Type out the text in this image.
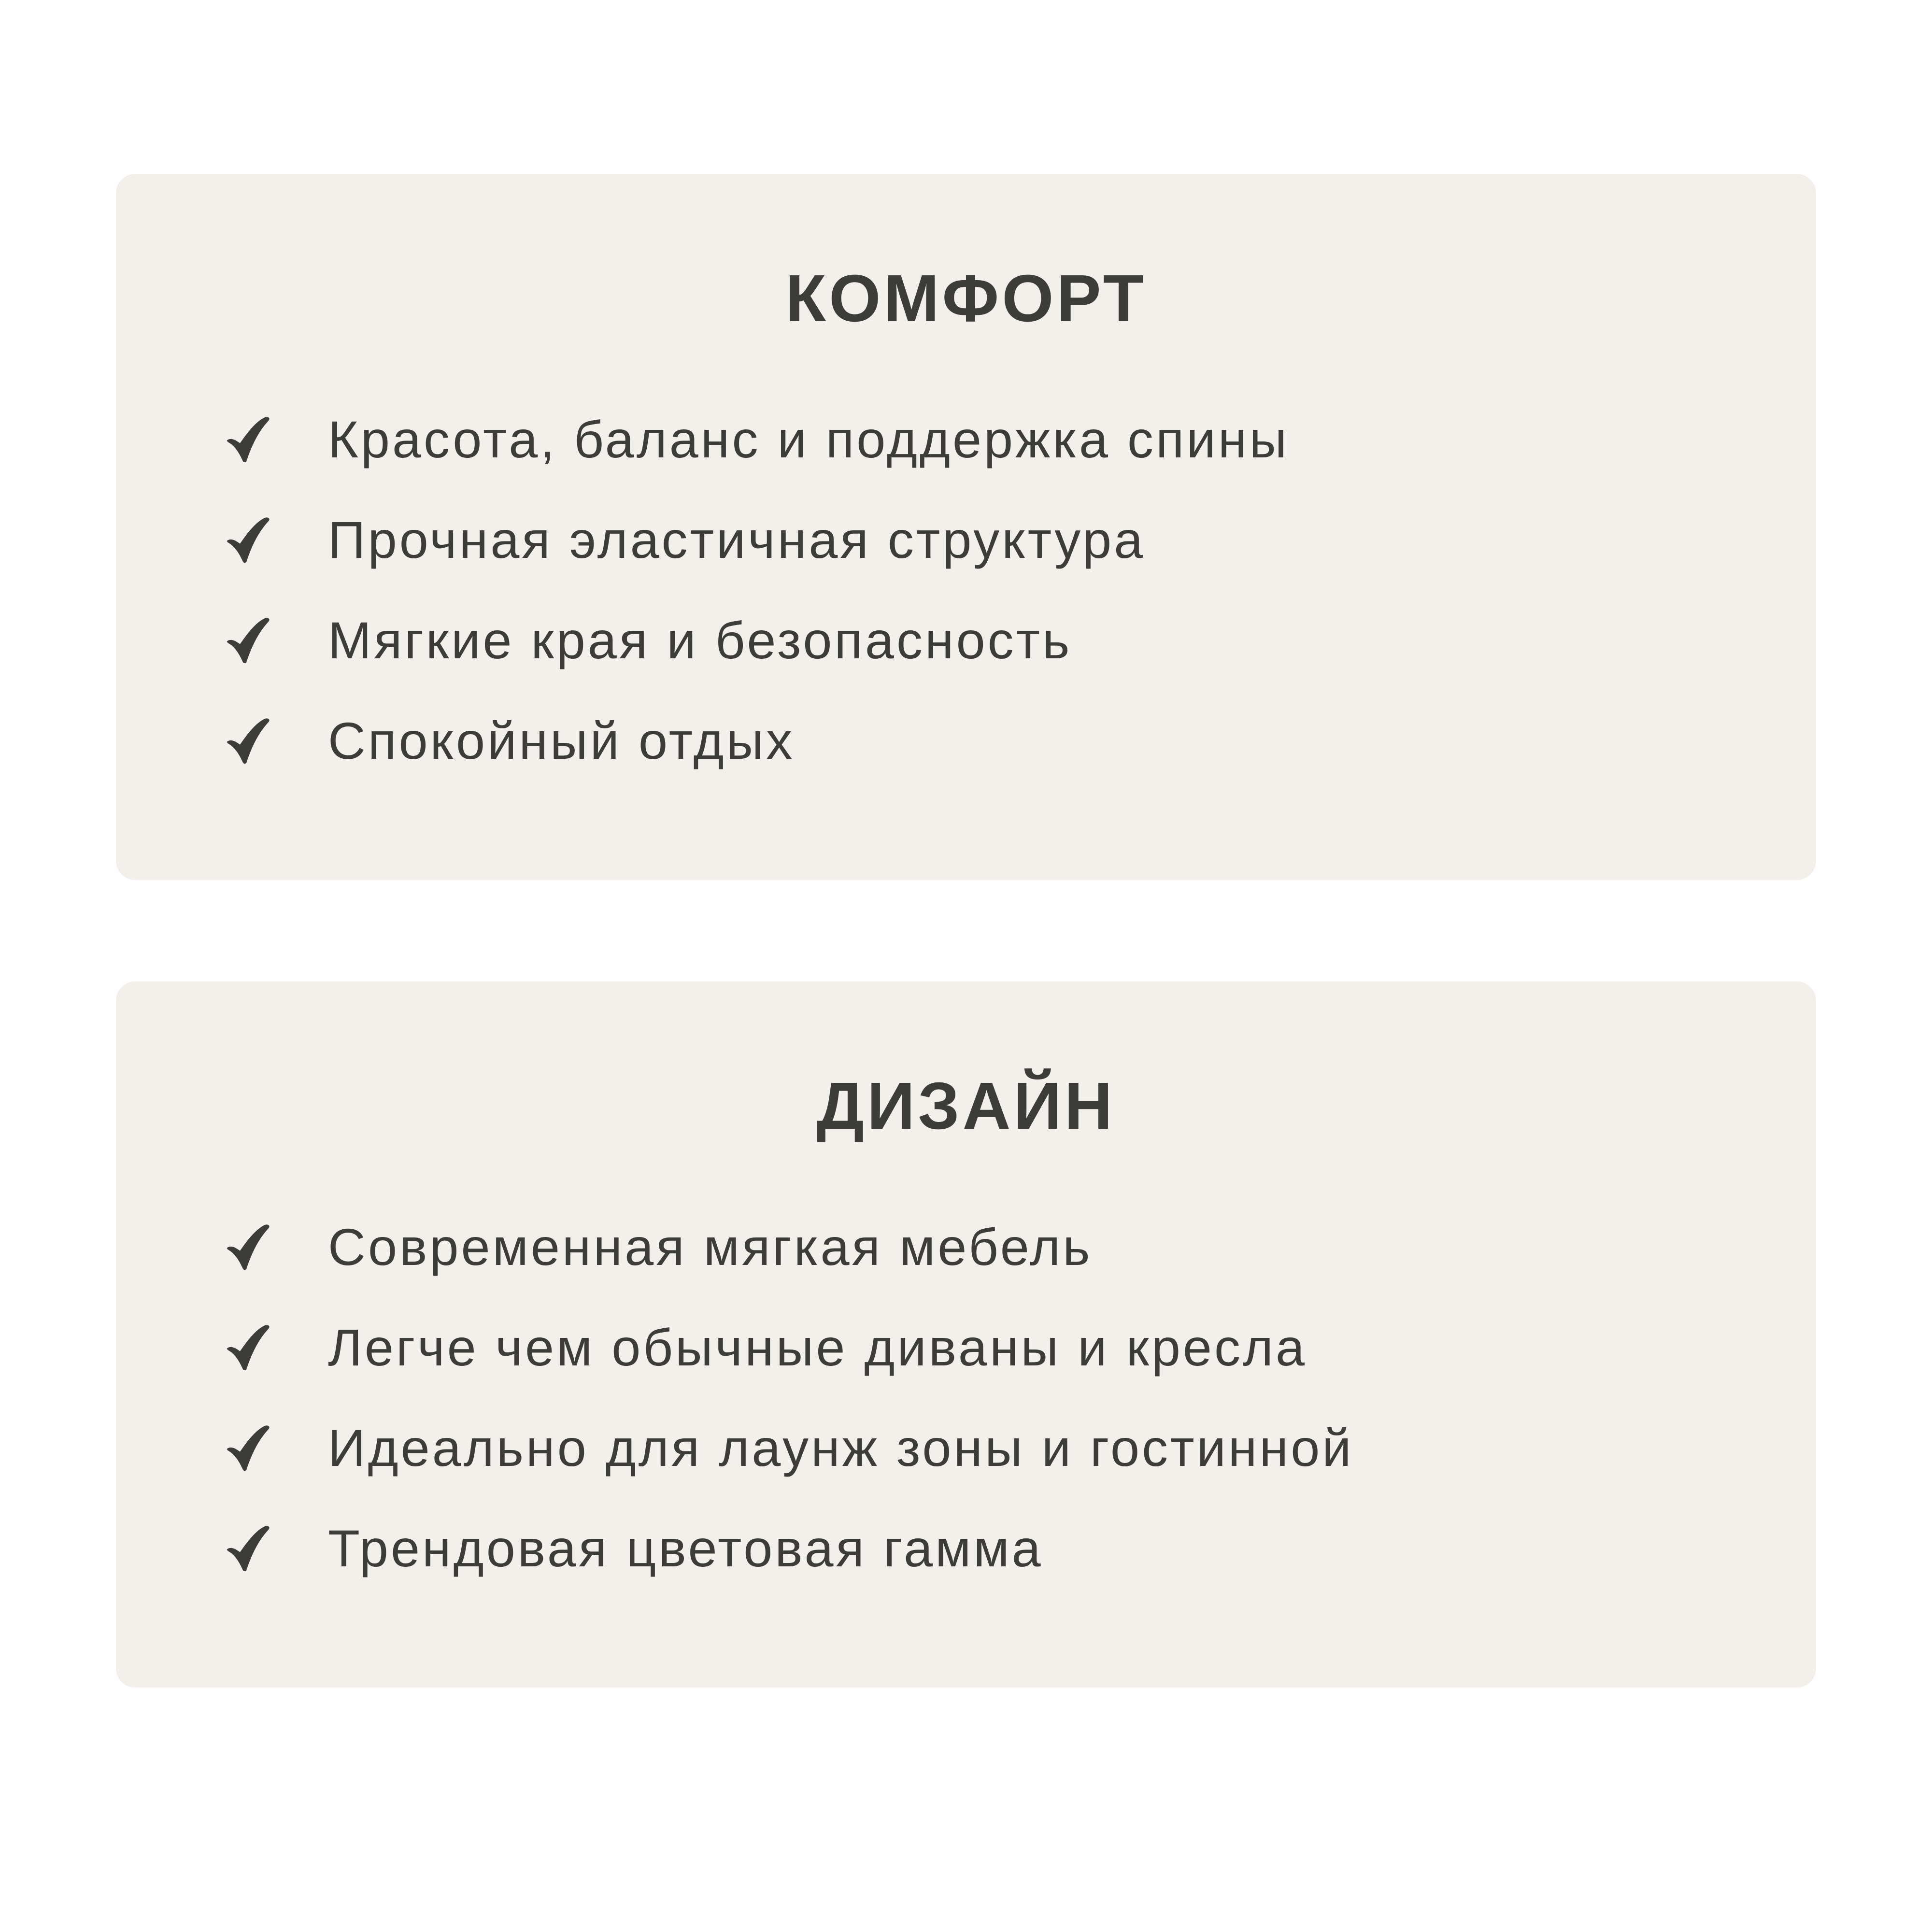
КОМФОРТ
Красота, баланс и поддержка спины
Прочная эластичная структура
Мягкие края и безопасность
Спокойный отдых
ДИЗАЙН
Современная мягкая мебель
Легче чем обычные диваны и кресла
Идеально для лаунж зоны и гостинной
Трендовая цветовая гамма
